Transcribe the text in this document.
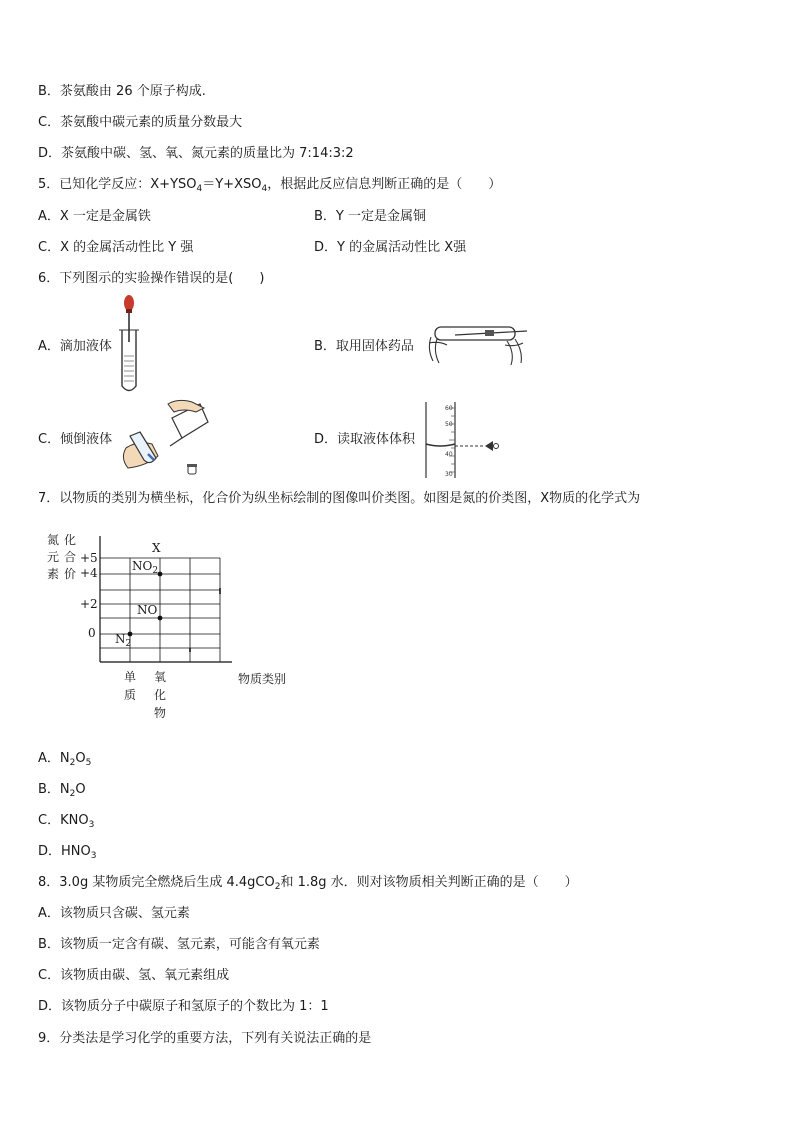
B．茶氨酸由 26 个原子构成.
C．茶氨酸中碳元素的质量分数最大
D．茶氨酸中碳、氢、氧、氮元素的质量比为 7:14:3:2
5．已知化学反应：$X+YSO_4=Y+XSO_4$，根据此反应信息判断正确的是（　　）
A．X 一定是金属铁	B．Y 一定是金属铜
C．X 的金属活动性比 Y 强	D．Y 的金属活动性比 X强
6．下列图示的实验操作错误的是(　　)
A．滴加液体	B．取用固体药品
C．倾倒液体	D．读取液体体积
60
50
40
30
7．以物质的类别为横坐标，化合价为纵坐标绘制的图像叫价类图。如图是氮的价类图，X物质的化学式为
氮
元
素
化
合
价
+5
+4
+2
0
X
$NO_2$
NO
$N_2$
单
质
氧
化
物
物质类别
A．$N_2O_5$
B．$N_2O$
C．$KNO_3$
D．$HNO_3$
8．3.0g 某物质完全燃烧后生成 4.4gCO$_2$和 1.8g 水．则对该物质相关判断正确的是（　　）
A．该物质只含碳、氢元素
B．该物质一定含有碳、氢元素，可能含有氧元素
C．该物质由碳、氢、氧元素组成
D．该物质分子中碳原子和氢原子的个数比为 1：1
9．分类法是学习化学的重要方法，下列有关说法正确的是
